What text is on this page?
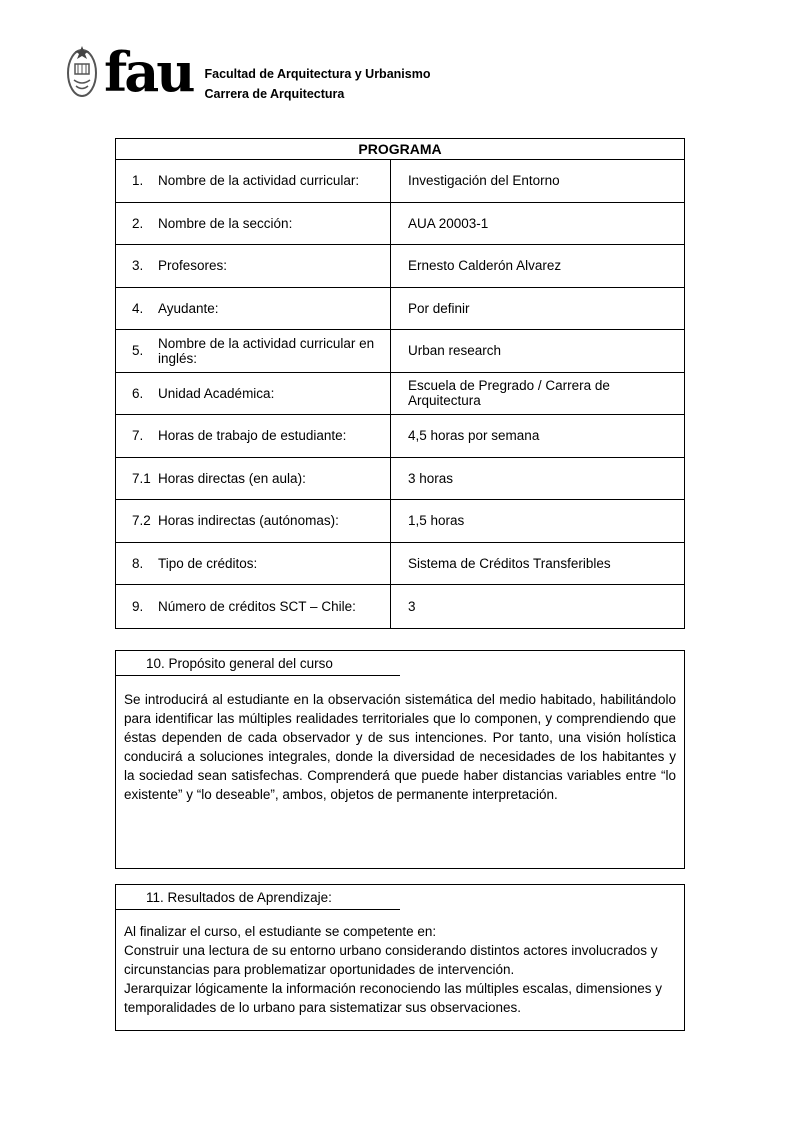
fau Facultad de Arquitectura y Urbanismo
Carrera de Arquitectura
PROGRAMA
1.	Nombre de la actividad curricular:	Investigación del Entorno
2.	Nombre de la sección:	AUA 20003-1
3.	Profesores:	Ernesto Calderón Alvarez
4.	Ayudante:	Por definir
5.	Nombre de la actividad curricular en inglés:	Urban research
6.	Unidad Académica:	Escuela de Pregrado / Carrera de Arquitectura
7.	Horas de trabajo de estudiante:	4,5 horas por semana
7.1 Horas directas (en aula):	3 horas
7.2 Horas indirectas (autónomas):	1,5 horas
8.	Tipo de créditos:	Sistema de Créditos Transferibles
9.	Número de créditos SCT – Chile:	3
10. Propósito general del curso

Se introducirá al estudiante en la observación sistemática del medio habitado, habilitándolo para identificar las múltiples realidades territoriales que lo componen, y comprendiendo que éstas dependen de cada observador y de sus intenciones. Por tanto, una visión holística conducirá a soluciones integrales, donde la diversidad de necesidades de los habitantes y la sociedad sean satisfechas. Comprenderá que puede haber distancias variables entre “lo existente” y “lo deseable”, ambos, objetos de permanente interpretación.

11. Resultados de Aprendizaje:

Al finalizar el curso, el estudiante se competente en:

Construir una lectura de su entorno urbano considerando distintos actores involucrados y circunstancias para problematizar oportunidades de intervención.

Jerarquizar lógicamente la información reconociendo las múltiples escalas, dimensiones y temporalidades de lo urbano para sistematizar sus observaciones.
